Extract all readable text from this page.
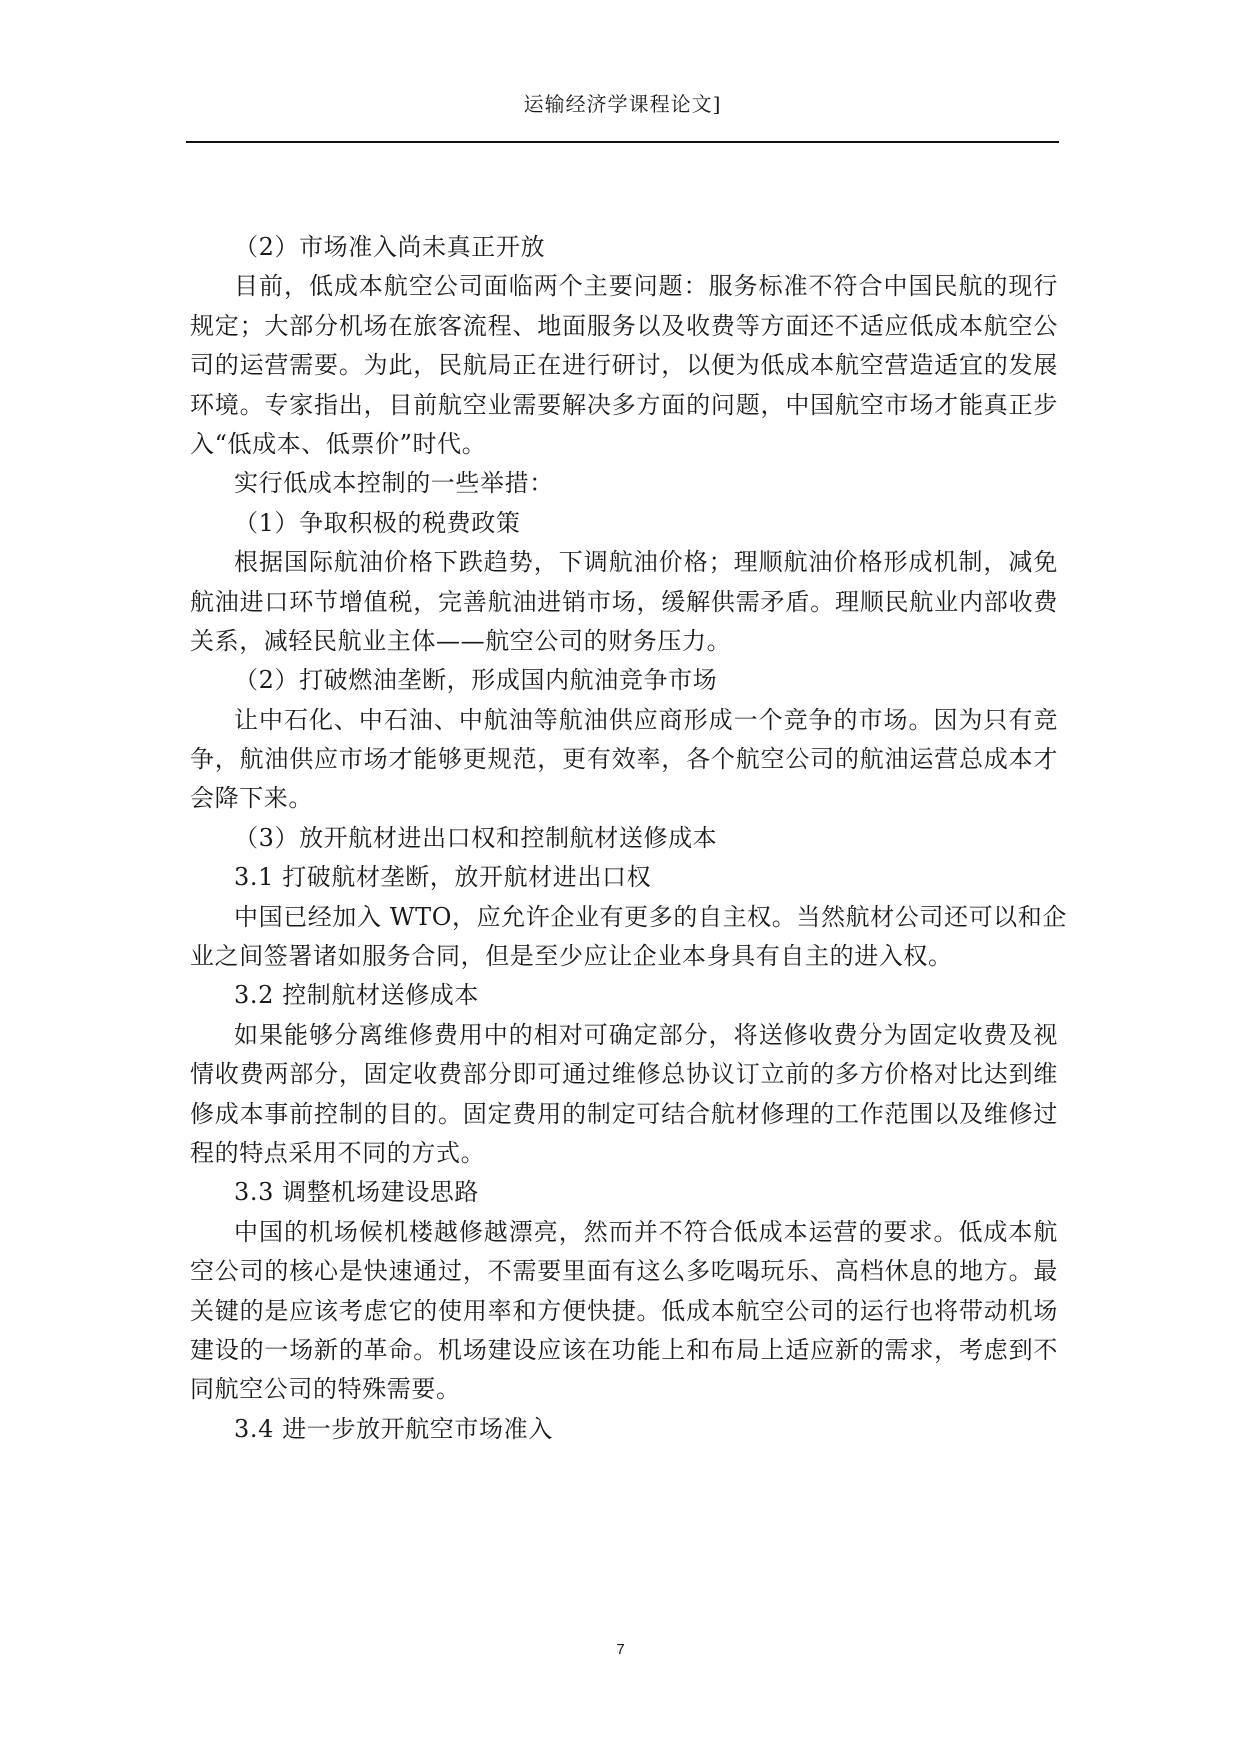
运输经济学课程论文]
（2）市场准入尚未真正开放
目前，低成本航空公司面临两个主要问题：服务标准不符合中国民航的现行
规定；大部分机场在旅客流程、地面服务以及收费等方面还不适应低成本航空公
司的运营需要。为此，民航局正在进行研讨，以便为低成本航空营造适宜的发展
环境。专家指出，目前航空业需要解决多方面的问题，中国航空市场才能真正步
入“低成本、低票价”时代。
实行低成本控制的一些举措：
（1）争取积极的税费政策
根据国际航油价格下跌趋势，下调航油价格；理顺航油价格形成机制，减免
航油进口环节增值税，完善航油进销市场，缓解供需矛盾。理顺民航业内部收费
关系，减轻民航业主体——航空公司的财务压力。
（2）打破燃油垄断，形成国内航油竞争市场
让中石化、中石油、中航油等航油供应商形成一个竞争的市场。因为只有竞
争，航油供应市场才能够更规范，更有效率，各个航空公司的航油运营总成本才
会降下来。
（3）放开航材进出口权和控制航材送修成本
3.1 打破航材垄断，放开航材进出口权
中国已经加入 WTO，应允许企业有更多的自主权。当然航材公司还可以和企
业之间签署诸如服务合同，但是至少应让企业本身具有自主的进入权。
3.2 控制航材送修成本
如果能够分离维修费用中的相对可确定部分，将送修收费分为固定收费及视
情收费两部分，固定收费部分即可通过维修总协议订立前的多方价格对比达到维
修成本事前控制的目的。固定费用的制定可结合航材修理的工作范围以及维修过
程的特点采用不同的方式。
3.3 调整机场建设思路
中国的机场候机楼越修越漂亮，然而并不符合低成本运营的要求。低成本航
空公司的核心是快速通过，不需要里面有这么多吃喝玩乐、高档休息的地方。最
关键的是应该考虑它的使用率和方便快捷。低成本航空公司的运行也将带动机场
建设的一场新的革命。机场建设应该在功能上和布局上适应新的需求，考虑到不
同航空公司的特殊需要。
3.4 进一步放开航空市场准入
7
